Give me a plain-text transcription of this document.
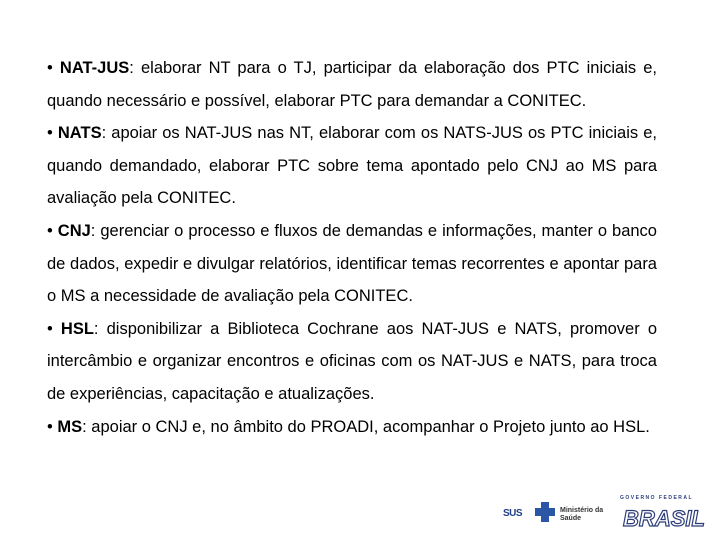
• NAT-JUS: elaborar NT para o TJ, participar da elaboração dos PTC iniciais e, quando necessário e possível, elaborar PTC para demandar a CONITEC.

• NATS: apoiar os NAT-JUS nas NT, elaborar com os NATS-JUS os PTC iniciais e, quando demandado, elaborar PTC sobre tema apontado pelo CNJ ao MS para avaliação pela CONITEC.

• CNJ: gerenciar o processo e fluxos de demandas e informações, manter o banco de dados, expedir e divulgar relatórios, identificar temas recorrentes e apontar para o MS a necessidade de avaliação pela CONITEC.

• HSL: disponibilizar a Biblioteca Cochrane aos NAT-JUS e NATS, promover o intercâmbio e organizar encontros e oficinas com os NAT-JUS e NATS, para troca de experiências, capacitação e atualizações.

• MS: apoiar o CNJ e, no âmbito do PROADI, acompanhar o Projeto junto ao HSL.

SUS	Ministério da
Saúde
GOVERNO FEDERAL
BRASIL
